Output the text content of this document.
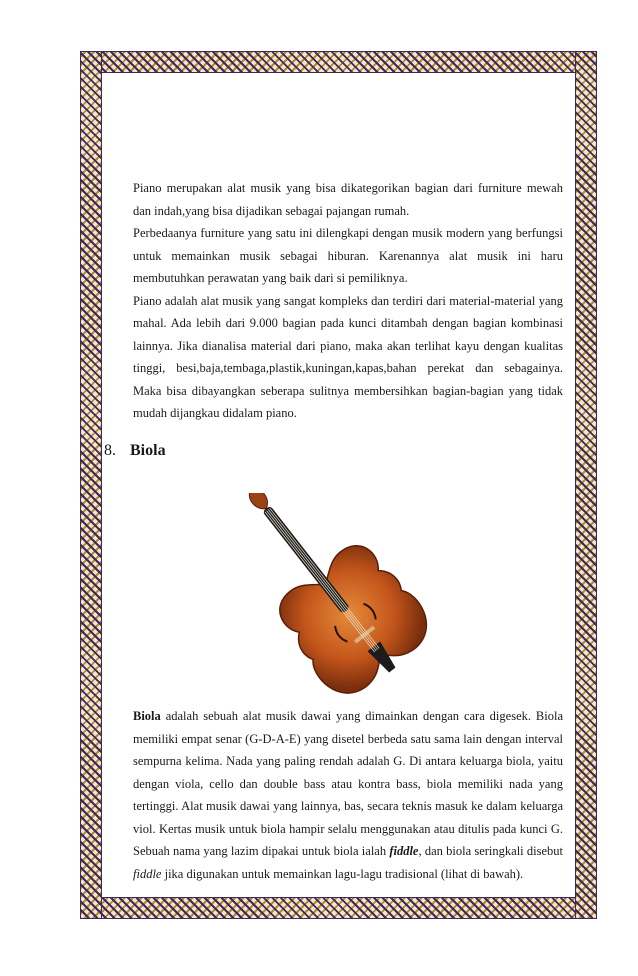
Piano merupakan alat musik yang bisa dikategorikan bagian dari furniture mewah dan indah,yang bisa dijadikan sebagai pajangan rumah.

Perbedaanya furniture yang satu ini dilengkapi dengan musik modern yang berfungsi untuk memainkan musik sebagai hiburan. Karenannya alat musik ini haru membutuhkan perawatan yang baik dari si pemiliknya.

Piano adalah alat musik yang sangat kompleks dan terdiri dari material-material yang mahal. Ada lebih dari 9.000 bagian pada kunci ditambah dengan bagian kombinasi lainnya. Jika dianalisa material dari piano, maka akan terlihat kayu dengan kualitas tinggi, besi,baja,tembaga,plastik,kuningan,kapas,bahan perekat dan sebagainya. Maka bisa dibayangkan seberapa sulitnya membersihkan bagian-bagian yang tidak mudah dijangkau didalam piano.

8. Biola

Biola adalah sebuah alat musik dawai yang dimainkan dengan cara digesek. Biola memiliki empat senar (G-D-A-E) yang disetel berbeda satu sama lain dengan interval sempurna kelima. Nada yang paling rendah adalah G. Di antara keluarga biola, yaitu dengan viola, cello dan double bass atau kontra bass, biola memiliki nada yang tertinggi. Alat musik dawai yang lainnya, bas, secara teknis masuk ke dalam keluarga viol. Kertas musik untuk biola hampir selalu menggunakan atau ditulis pada kunci G. Sebuah nama yang lazim dipakai untuk biola ialah fiddle, dan biola seringkali disebut fiddle jika digunakan untuk memainkan lagu-lagu tradisional (lihat di bawah).
